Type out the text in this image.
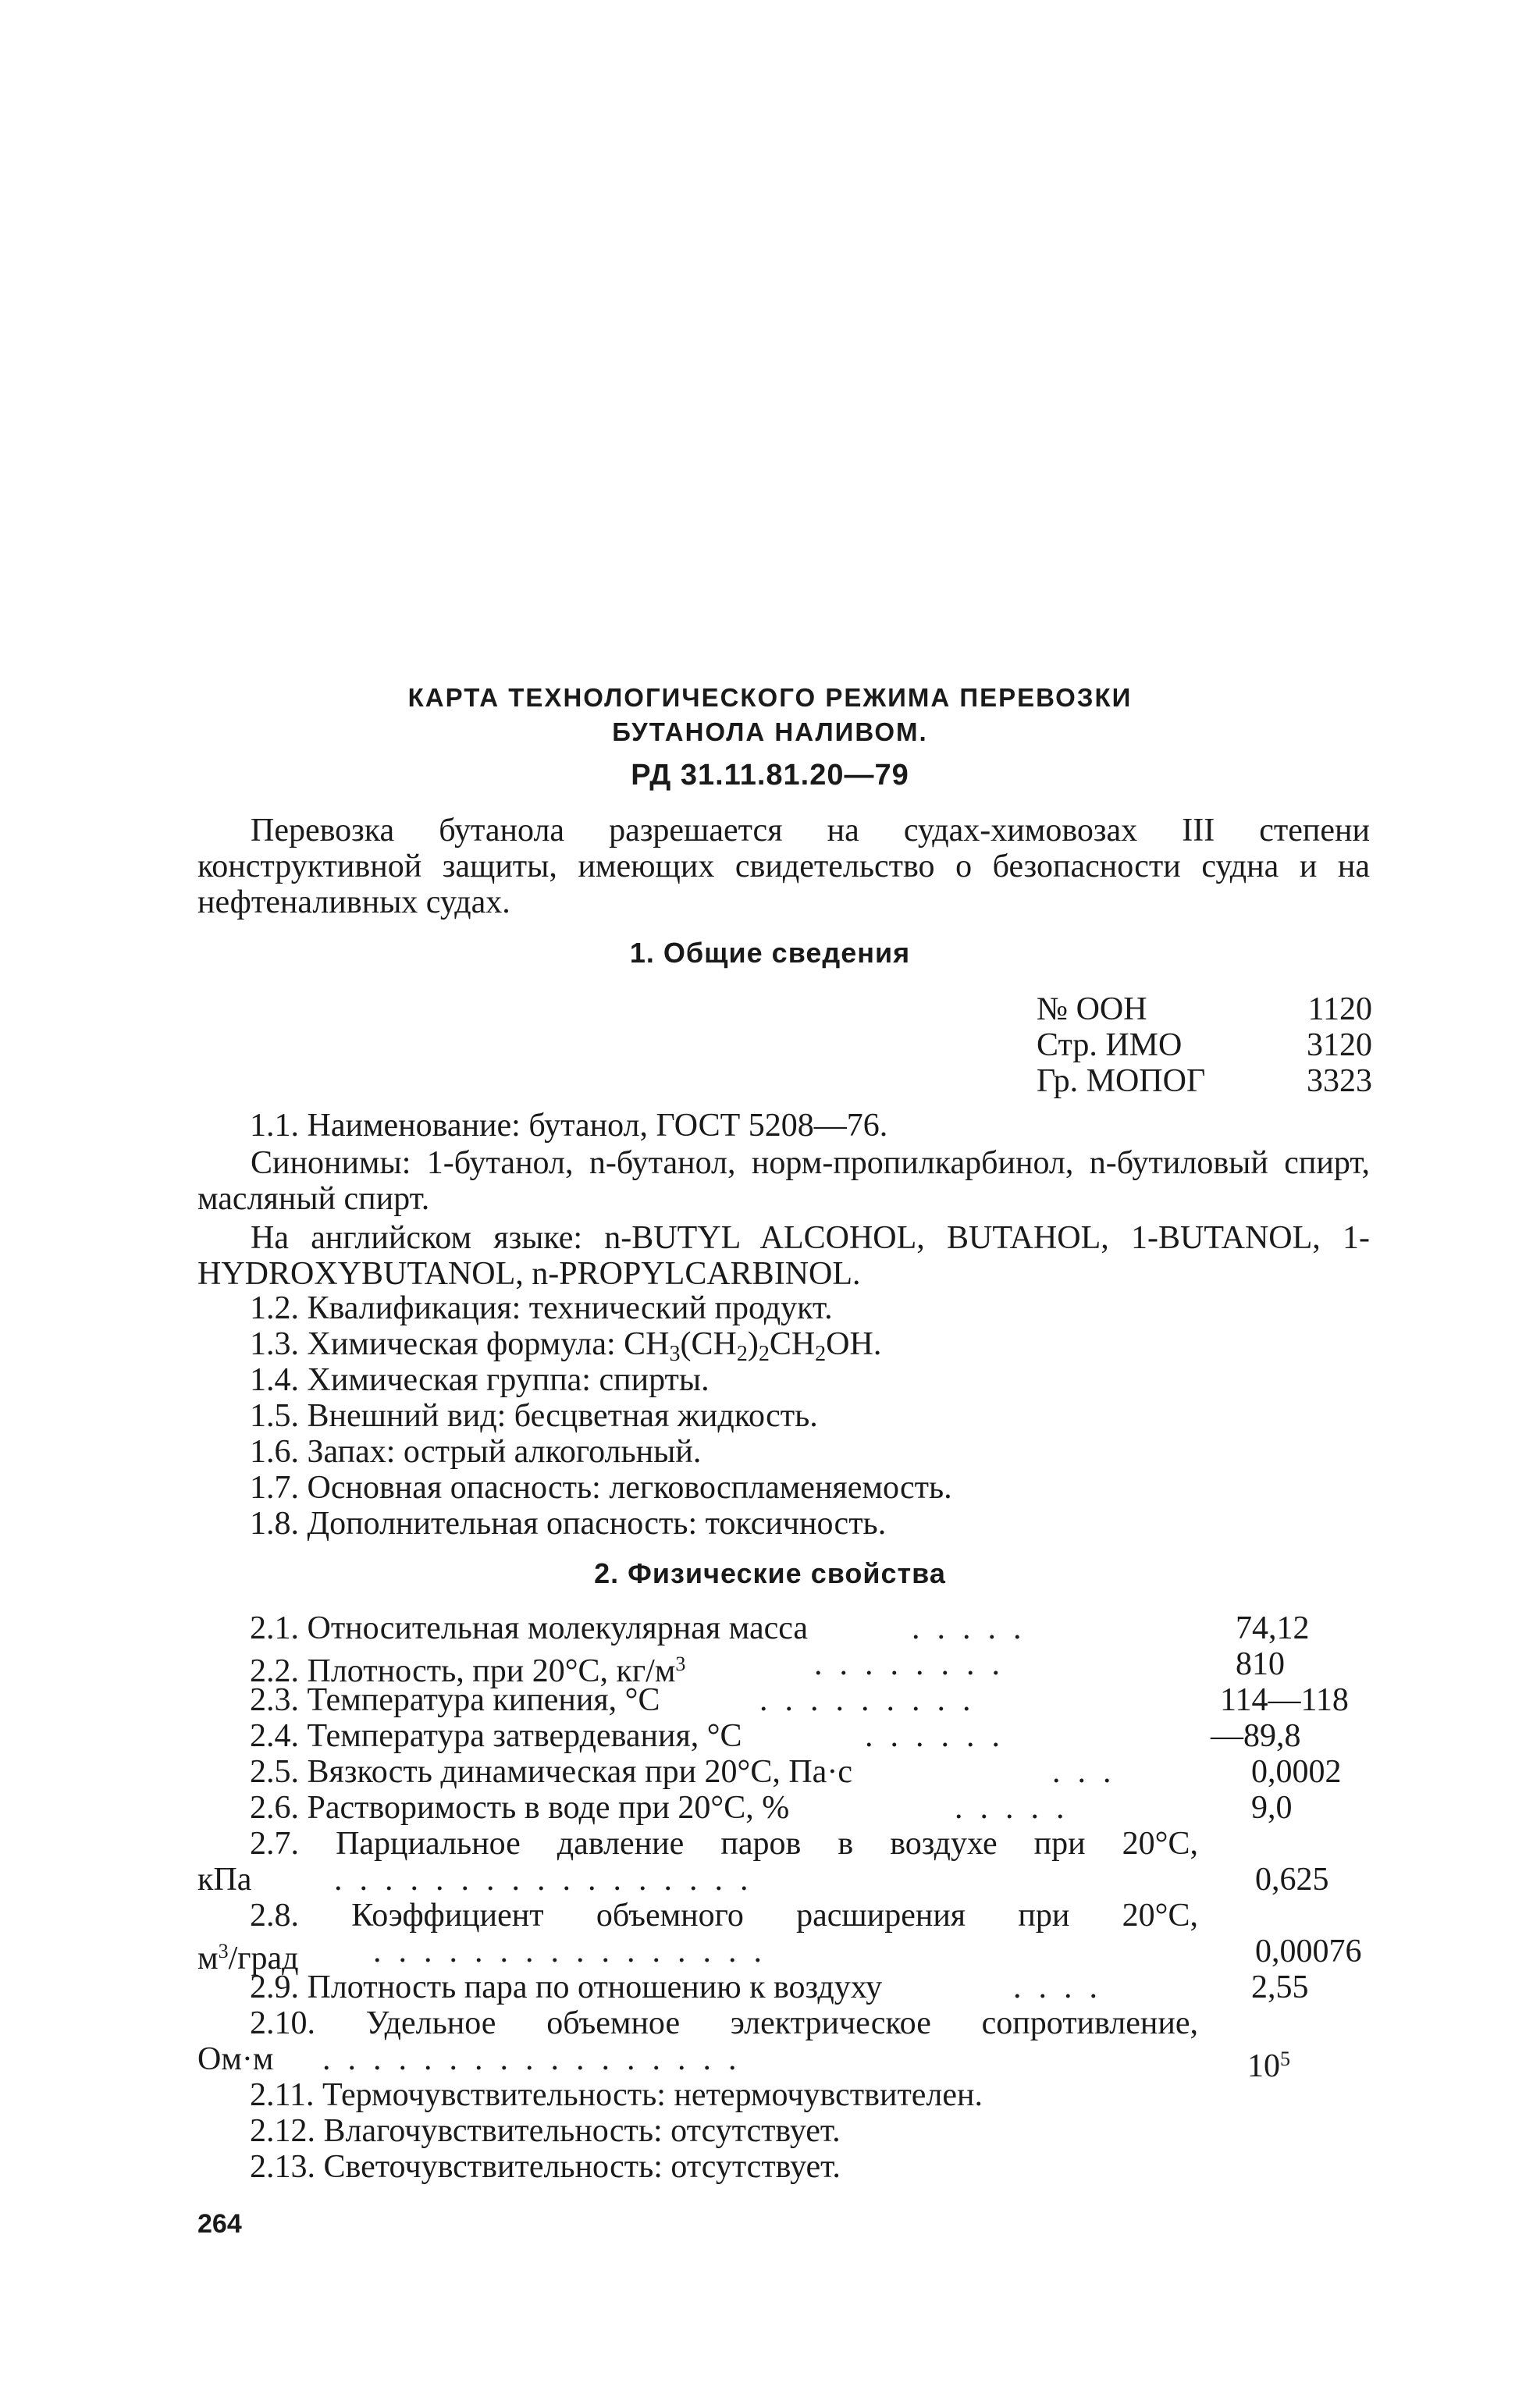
КАРТА ТЕХНОЛОГИЧЕСКОГО РЕЖИМА ПЕРЕВОЗКИ
БУТАНОЛА НАЛИВОМ.
РД 31.11.81.20—79
Перевозка бутанола разрешается на судах-химовозах III степени конструктивной защиты, имеющих свидетельство о безопасности судна и на нефтеналивных судах.
1. Общие сведения
№ ООН	1120
Стр. ИМО	3120
Гр. МОПОГ	3323
1.1. Наименование: бутанол, ГОСТ 5208—76.
Синонимы: 1-бутанол, n-бутанол, норм-пропилкарбинол, n-бутиловый спирт, масляный спирт.
На английском языке: n-BUTYL ALCOHOL, BUTAHOL, 1-BUTANOL, 1-HYDROXYBUTANOL, n-PROPYLCARBINOL.
1.2. Квалификация: технический продукт.
1.3. Химическая формула: $CH_3(CH_2)_2CH_2OH$.
1.4. Химическая группа: спирты.
1.5. Внешний вид: бесцветная жидкость.
1.6. Запах: острый алкогольный.
1.7. Основная опасность: легковоспламеняемость.
1.8. Дополнительная опасность: токсичность.
2. Физические свойства
2.1. Относительная молекулярная масса	.....	74,12
2.2. Плотность, при 20°C, $кг/м^3$	........	810
2.3. Температура кипения, °C	.........	114—118
2.4. Температура затвердевания, °C	......	—89,8
2.5. Вязкость динамическая при 20°C, Па·с	...	0,0002
2.6. Растворимость в воде при 20°C, %	.....	9,0
2.7. Парциальное давление паров в воздухе при 20°C,
кПа	.................	0,625
2.8. Коэффициент объемного расширения при 20°C,
$м^3$/град ................	0,00076
2.9. Плотность пара по отношению к воздуху	....	2,55
2.10. Удельное объемное электрическое сопротивление,
Ом·м .................	$10^5$
2.11. Термочувствительность: нетермочувствителен.
2.12. Влагочувствительность: отсутствует.
2.13. Светочувствительность: отсутствует.
264
